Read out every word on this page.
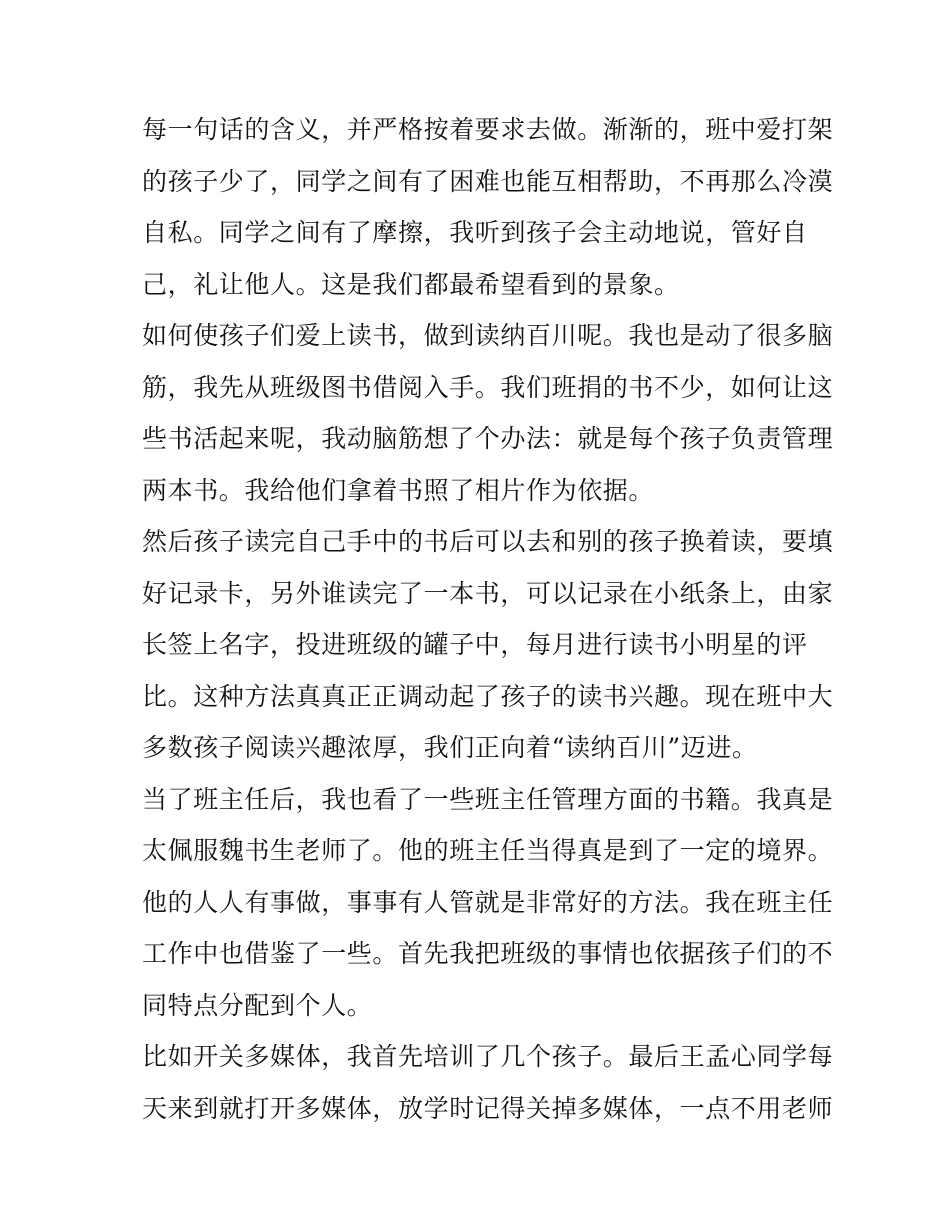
每一句话的含义，并严格按着要求去做。渐渐的，班中爱打架
的孩子少了，同学之间有了困难也能互相帮助，不再那么冷漠
自私。同学之间有了摩擦，我听到孩子会主动地说，管好自
己，礼让他人。这是我们都最希望看到的景象。
如何使孩子们爱上读书，做到读纳百川呢。我也是动了很多脑
筋，我先从班级图书借阅入手。我们班捐的书不少，如何让这
些书活起来呢，我动脑筋想了个办法：就是每个孩子负责管理
两本书。我给他们拿着书照了相片作为依据。
然后孩子读完自己手中的书后可以去和别的孩子换着读，要填
好记录卡，另外谁读完了一本书，可以记录在小纸条上，由家
长签上名字，投进班级的罐子中，每月进行读书小明星的评
比。这种方法真真正正调动起了孩子的读书兴趣。现在班中大
多数孩子阅读兴趣浓厚，我们正向着“读纳百川”迈进。
当了班主任后，我也看了一些班主任管理方面的书籍。我真是
太佩服魏书生老师了。他的班主任当得真是到了一定的境界。
他的人人有事做，事事有人管就是非常好的方法。我在班主任
工作中也借鉴了一些。首先我把班级的事情也依据孩子们的不
同特点分配到个人。
比如开关多媒体，我首先培训了几个孩子。最后王孟心同学每
天来到就打开多媒体，放学时记得关掉多媒体，一点不用老师
